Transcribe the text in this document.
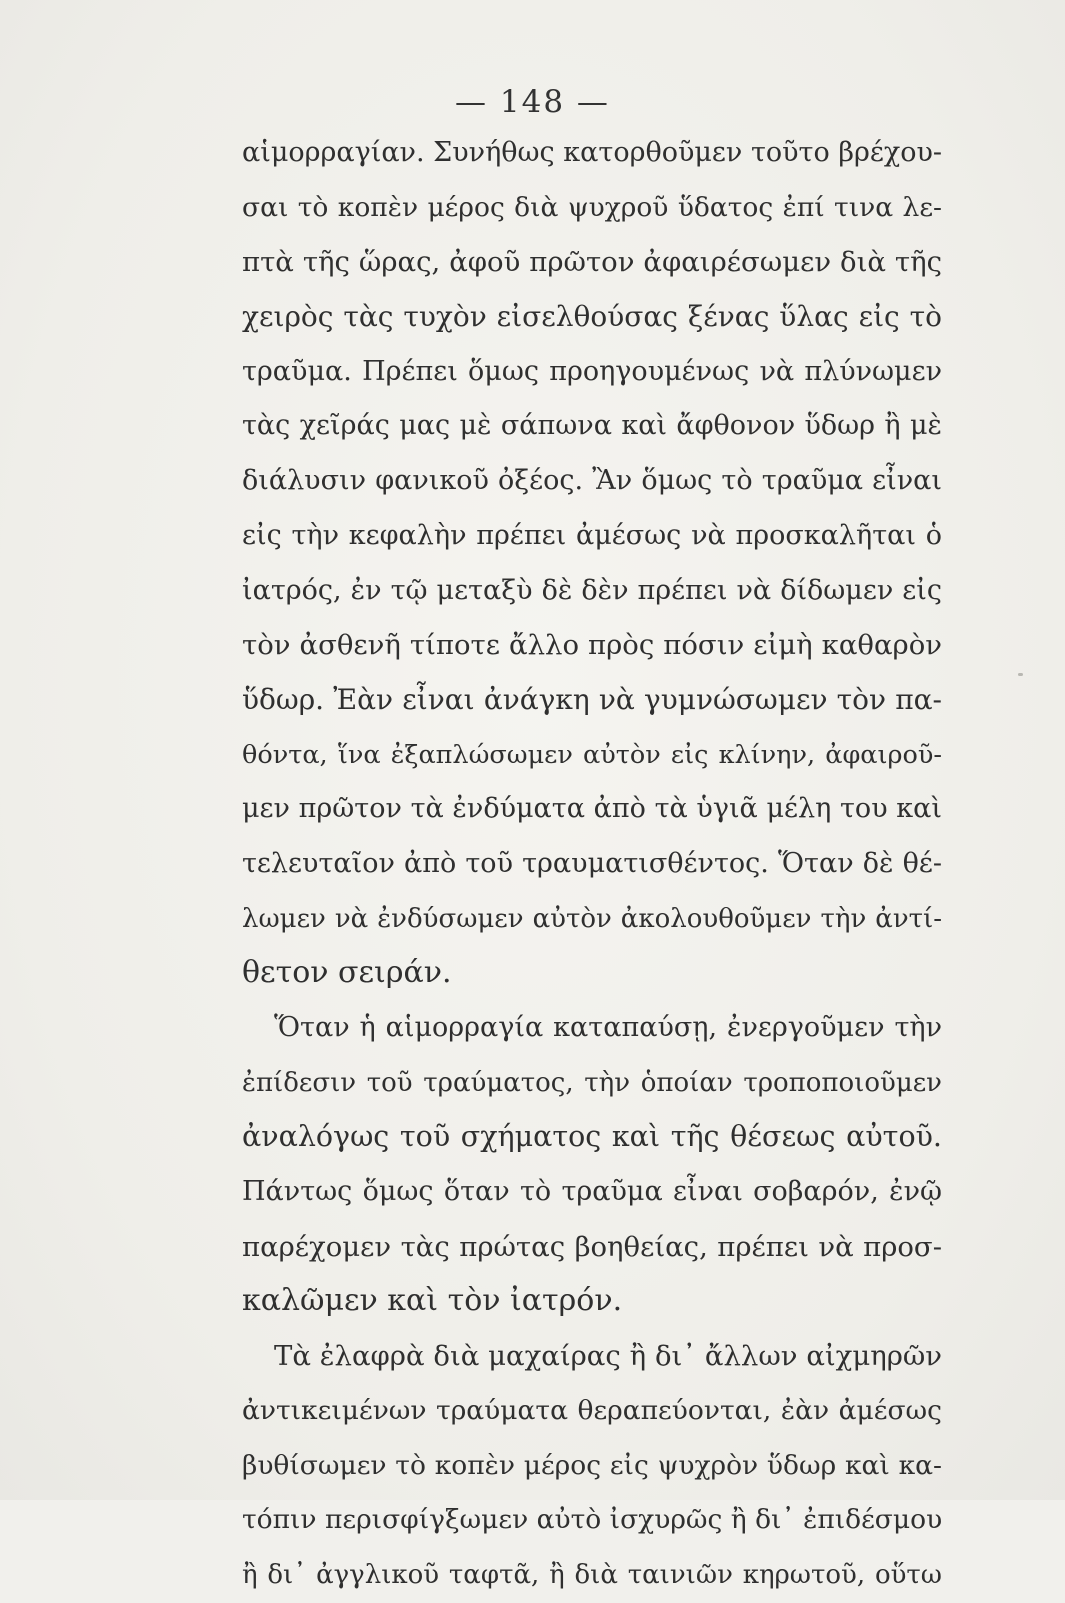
— 148 —
αἱμορραγίαν. Συνήθως κατορθοῦμεν τοῦτο βρέχου-
σαι τὸ κοπὲν μέρος διὰ ψυχροῦ ὕδατος ἐπί τινα λε-
πτὰ τῆς ὥρας, ἀφοῦ πρῶτον ἀφαιρέσωμεν διὰ τῆς
χειρὸς τὰς τυχὸν εἰσελθούσας ξένας ὕλας εἰς τὸ
τραῦμα. Πρέπει ὅμως προηγουμένως νὰ πλύνωμεν
τὰς χεῖράς μας μὲ σάπωνα καὶ ἄφθονον ὕδωρ ἢ μὲ
διάλυσιν φανικοῦ ὀξέος. Ἂν ὅμως τὸ τραῦμα εἶναι
εἰς τὴν κεφαλὴν πρέπει ἀμέσως νὰ προσκαλῆται ὁ
ἰατρός, ἐν τῷ μεταξὺ δὲ δὲν πρέπει νὰ δίδωμεν εἰς
τὸν ἀσθενῆ τίποτε ἄλλο πρὸς πόσιν εἰμὴ καθαρὸν
ὕδωρ. Ἐὰν εἶναι ἀνάγκη νὰ γυμνώσωμεν τὸν πα-
θόντα, ἵνα ἐξαπλώσωμεν αὐτὸν εἰς κλίνην, ἀφαιροῦ-
μεν πρῶτον τὰ ἐνδύματα ἀπὸ τὰ ὑγιᾶ μέλη του καὶ
τελευταῖον ἀπὸ τοῦ τραυματισθέντος. Ὅταν δὲ θέ-
λωμεν νὰ ἐνδύσωμεν αὐτὸν ἀκολουθοῦμεν τὴν ἀντί-
θετον σειράν.
Ὅταν ἡ αἱμορραγία καταπαύσῃ, ἐνεργοῦμεν τὴν
ἐπίδεσιν τοῦ τραύματος, τὴν ὁποίαν τροποποιοῦμεν
ἀναλόγως τοῦ σχήματος καὶ τῆς θέσεως αὐτοῦ.
Πάντως ὅμως ὅταν τὸ τραῦμα εἶναι σοβαρόν, ἐνῷ
παρέχομεν τὰς πρώτας βοηθείας, πρέπει νὰ προσ-
καλῶμεν καὶ τὸν ἰατρόν.
Τὰ ἐλαφρὰ διὰ μαχαίρας ἢ δι᾽ ἄλλων αἰχμηρῶν
ἀντικειμένων τραύματα θεραπεύονται, ἐὰν ἀμέσως
βυθίσωμεν τὸ κοπὲν μέρος εἰς ψυχρὸν ὕδωρ καὶ κα-
τόπιν περισφίγξωμεν αὐτὸ ἰσχυρῶς ἢ δι᾽ ἐπιδέσμου
ἢ δι᾽ ἀγγλικοῦ ταφτᾶ, ἢ διὰ ταινιῶν κηρωτοῦ, οὕτω
